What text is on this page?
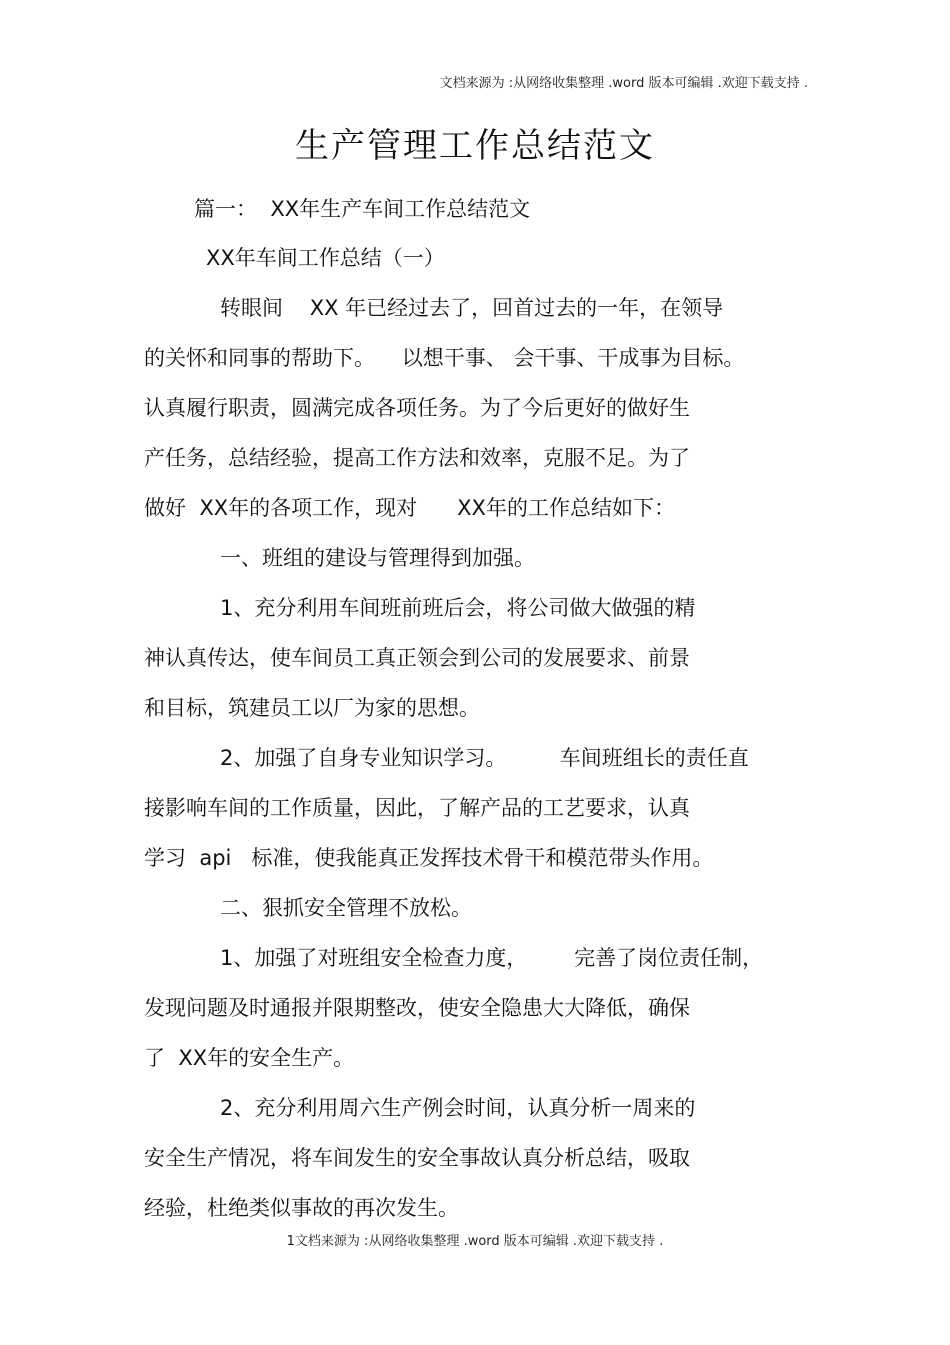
文档来源为 :从网络收集整理 .word 版本可编辑 .欢迎下载支持 .
生产管理工作总结范文
篇一：  XX年生产车间工作总结范文
XX年车间工作总结（一）
转眼间    XX 年已经过去了，回首过去的一年，在领导
的关怀和同事的帮助下。    以想干事、 会干事、干成事为目标。
认真履行职责，圆满完成各项任务。为了今后更好的做好生
产任务，总结经验，提高工作方法和效率，克服不足。为了
做好  XX年的各项工作，现对      XX年的工作总结如下：
一、班组的建设与管理得到加强。
1、充分利用车间班前班后会，将公司做大做强的精
神认真传达，使车间员工真正领会到公司的发展要求、前景
和目标，筑建员工以厂为家的思想。
2、加强了自身专业知识学习。        车间班组长的责任直
接影响车间的工作质量，因此，了解产品的工艺要求，认真
学习  api   标准，使我能真正发挥技术骨干和模范带头作用。
二、狠抓安全管理不放松。
1、加强了对班组安全检查力度，       完善了岗位责任制，
发现问题及时通报并限期整改，使安全隐患大大降低，确保
了  XX年的安全生产。
2、充分利用周六生产例会时间，认真分析一周来的
安全生产情况，将车间发生的安全事故认真分析总结，吸取
经验，杜绝类似事故的再次发生。
1文档来源为 :从网络收集整理 .word 版本可编辑 .欢迎下载支持 .
